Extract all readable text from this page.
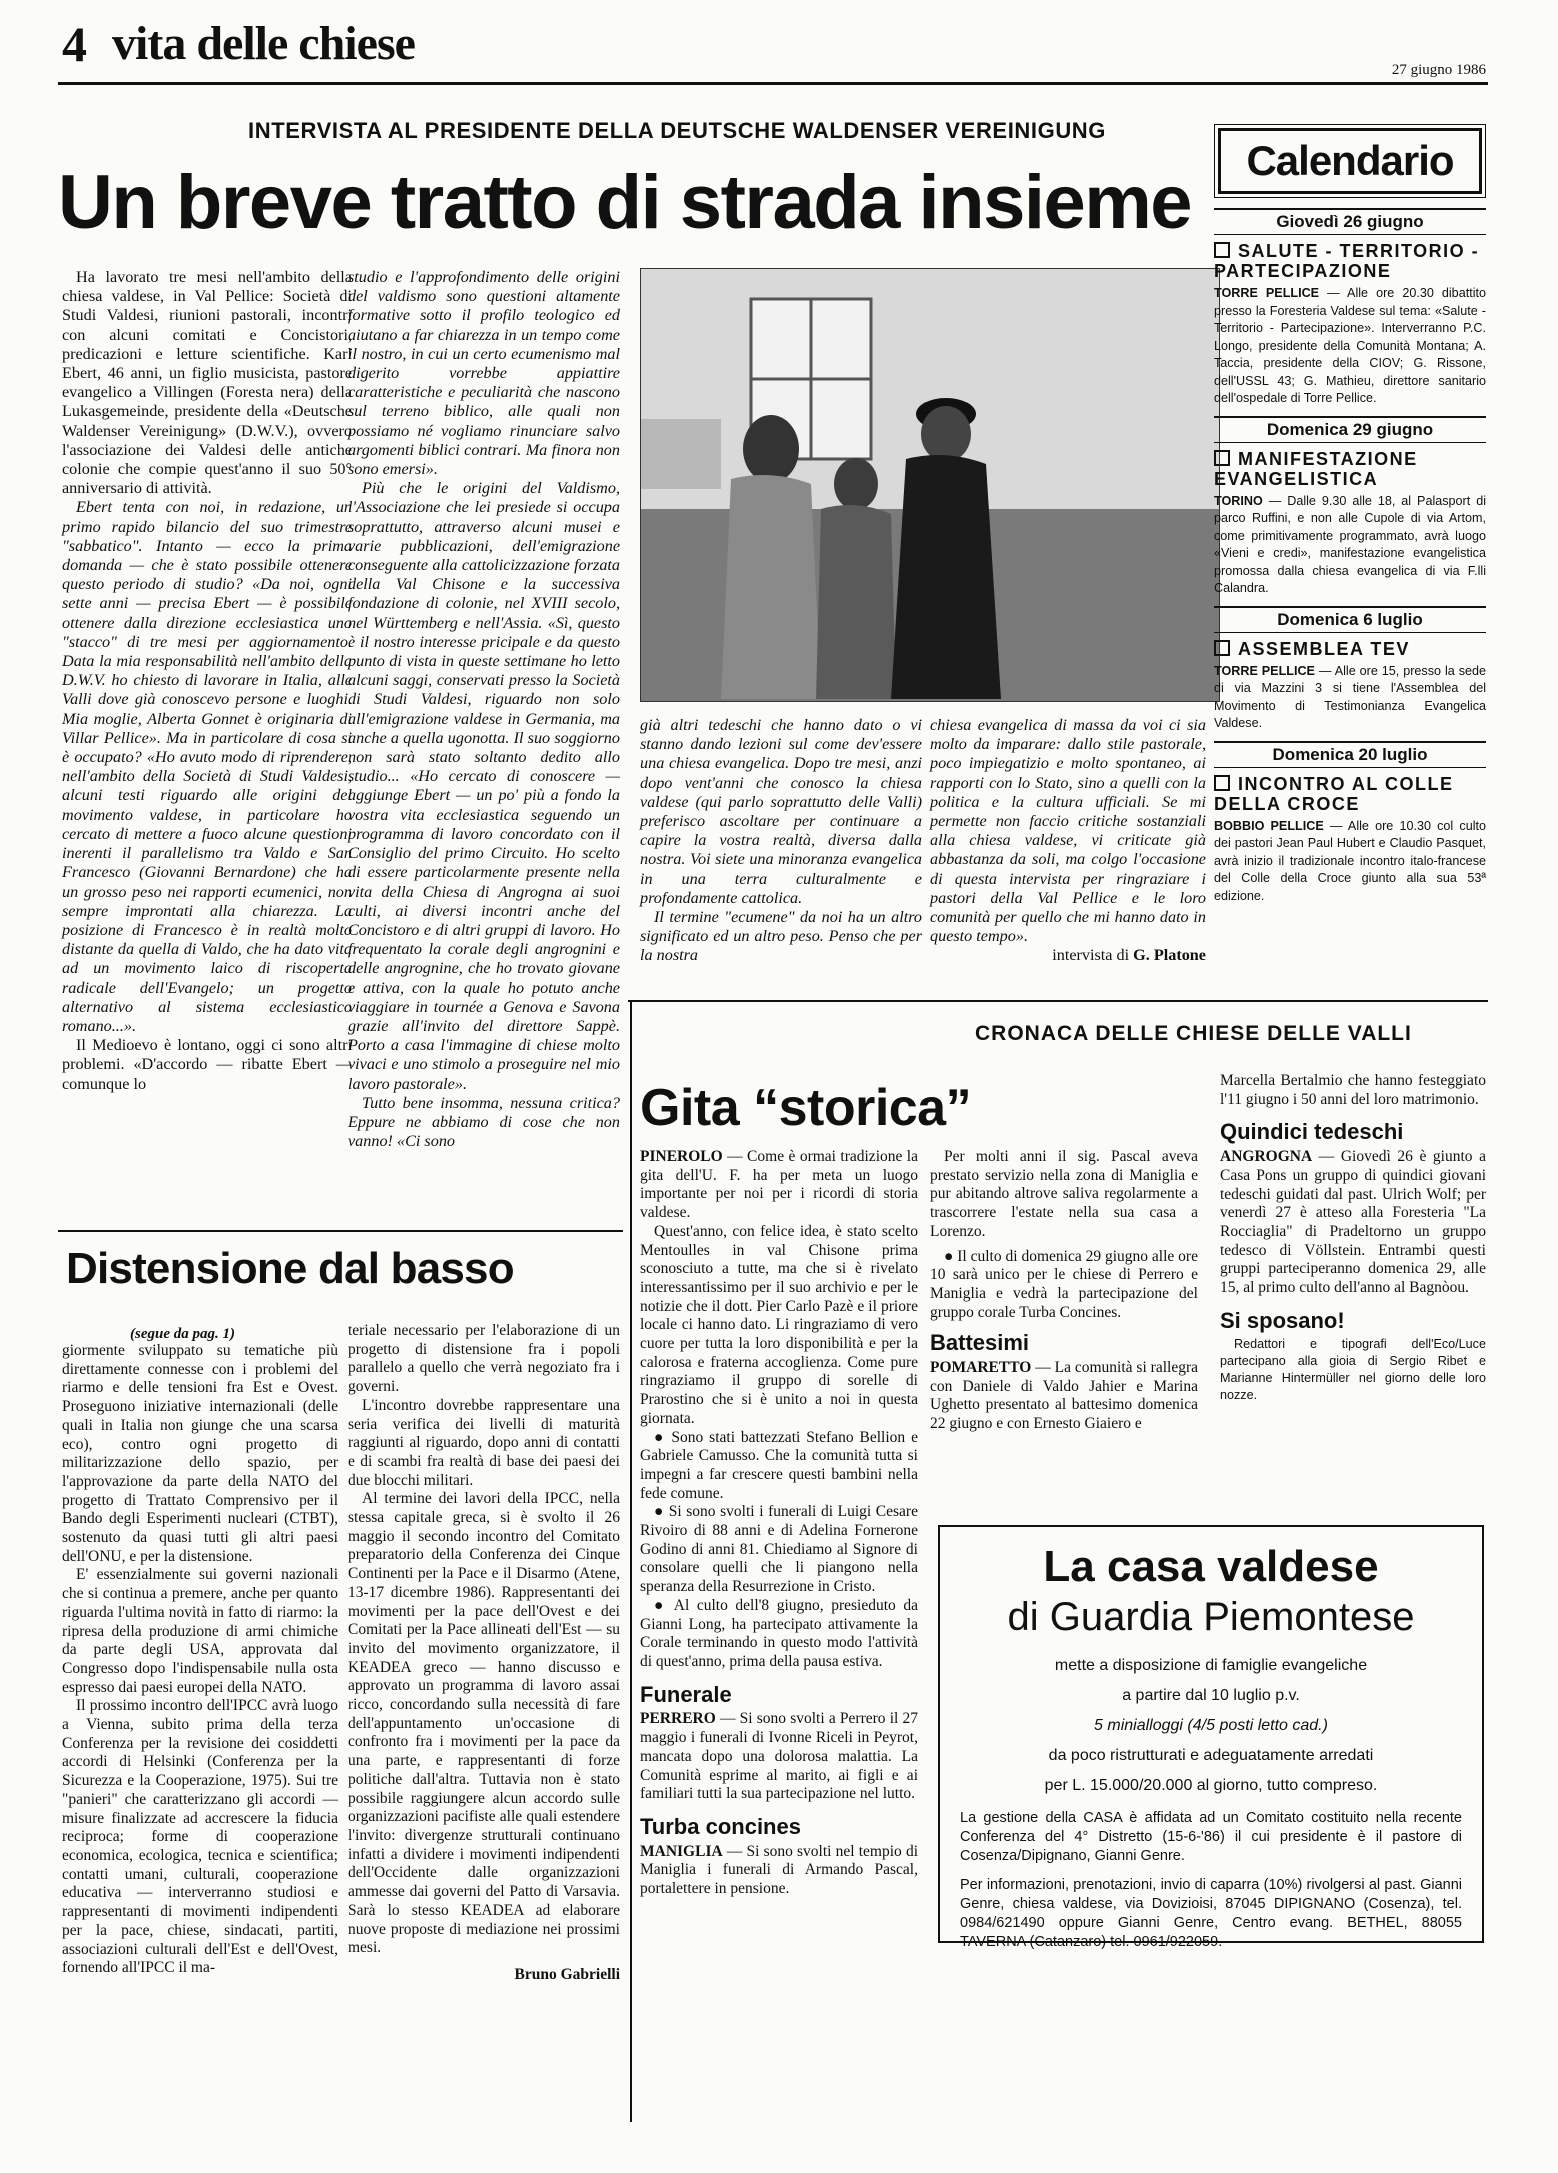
4 vita delle chiese	27 giugno 1986
INTERVISTA AL PRESIDENTE DELLA DEUTSCHE WALDENSER VEREINIGUNG
Un breve tratto di strada insieme

Ha lavorato tre mesi nell'ambito della chiesa valdese, in Val Pellice: Società di Studi Valdesi, riunioni pastorali, incontri con alcuni comitati e Concistori, predicazioni e letture scientifiche. Karl Ebert, 46 anni, un figlio musicista, pastore evangelico a Villingen (Foresta nera) della Lukasgemeinde, presidente della «Deutsche Waldenser Vereinigung» (D.W.V.), ovvero l'associazione dei Valdesi delle antiche colonie che compie quest'anno il suo 50° anniversario di attività.

Ebert tenta con noi, in redazione, un primo rapido bilancio del suo trimestre "sabbatico". Intanto — ecco la prima domanda — che è stato possibile ottenere questo periodo di studio? «Da noi, ogni sette anni — precisa Ebert — è possibile ottenere dalla direzione ecclesiastica uno "stacco" di tre mesi per aggiornamento. Data la mia responsabilità nell'ambito della D.W.V. ho chiesto di lavorare in Italia, alle Valli dove già conoscevo persone e luoghi. Mia moglie, Alberta Gonnet è originaria di Villar Pellice». Ma in particolare di cosa si è occupato? «Ho avuto modo di riprendere, nell'ambito della Società di Studi Valdesi, alcuni testi riguardo alle origini del movimento valdese, in particolare ho cercato di mettere a fuoco alcune questioni inerenti il parallelismo tra Valdo e San Francesco (Giovanni Bernardone) che ha un grosso peso nei rapporti ecumenici, non sempre improntati alla chiarezza. La posizione di Francesco è in realtà molto distante da quella di Valdo, che ha dato vita ad un movimento laico di riscoperta radicale dell'Evangelo; un progetto alternativo al sistema ecclesiastico romano...».

Il Medioevo è lontano, oggi ci sono altri problemi. «D'accordo — ribatte Ebert — comunque lo

studio e l'approfondimento delle origini del valdismo sono questioni altamente formative sotto il profilo teologico ed aiutano a far chiarezza in un tempo come il nostro, in cui un certo ecumenismo mal digerito vorrebbe appiattire caratteristiche e peculiarità che nascono sul terreno biblico, alle quali non possiamo né vogliamo rinunciare salvo argomenti biblici contrari. Ma finora non sono emersi».

Più che le origini del Valdismo, l'Associazione che lei presiede si occupa soprattutto, attraverso alcuni musei e varie pubblicazioni, dell'emigrazione conseguente alla cattolicizzazione forzata della Val Chisone e la successiva fondazione di colonie, nel XVIII secolo, nel Württemberg e nell'Assia. «Sì, questo è il nostro interesse pricipale e da questo punto di vista in queste settimane ho letto alcuni saggi, conservati presso la Società di Studi Valdesi, riguardo non solo all'emigrazione valdese in Germania, ma anche a quella ugonotta. Il suo soggiorno non sarà stato soltanto dedito allo studio... «Ho cercato di conoscere — aggiunge Ebert — un po' più a fondo la vostra vita ecclesiastica seguendo un programma di lavoro concordato con il Consiglio del primo Circuito. Ho scelto di essere particolarmente presente nella vita della Chiesa di Angrogna ai suoi culti, ai diversi incontri anche del Concistoro e di altri gruppi di lavoro. Ho frequentato la corale degli angrognini e delle angrognine, che ho trovato giovane e attiva, con la quale ho potuto anche viaggiare in tournée a Genova e Savona grazie all'invito del direttore Sappè. Porto a casa l'immagine di chiese molto vivaci e uno stimolo a proseguire nel mio lavoro pastorale».

Tutto bene insomma, nessuna critica? Eppure ne abbiamo di cose che non vanno! «Ci sono

già altri tedeschi che hanno dato o vi stanno dando lezioni sul come dev'essere una chiesa evangelica. Dopo tre mesi, anzi dopo vent'anni che conosco la chiesa valdese (qui parlo soprattutto delle Valli) preferisco ascoltare per continuare a capire la vostra realtà, diversa dalla nostra. Voi siete una minoranza evangelica in una terra culturalmente e profondamente cattolica.

Il termine "ecumene" da noi ha un altro significato ed un altro peso. Penso che per la nostra

chiesa evangelica di massa da voi ci sia molto da imparare: dallo stile pastorale, poco impiegatizio e molto spontaneo, ai rapporti con lo Stato, sino a quelli con la politica e la cultura ufficiali. Se mi permette non faccio critiche sostanziali alla chiesa valdese, vi criticate già abbastanza da soli, ma colgo l'occasione di questa intervista per ringraziare i pastori della Val Pellice e le loro comunità per quello che mi hanno dato in questo tempo».

intervista di G. Platone
Calendario
Giovedì 26 giugno
SALUTE - TERRITORIO - PARTECIPAZIONE
TORRE PELLICE — Alle ore 20.30 dibattito presso la Foresteria Valdese sul tema: «Salute - Territorio - Partecipazione». Interverranno P.C. Longo, presidente della Comunità Montana; A. Taccia, presidente della CIOV; G. Rissone, dell'USSL 43; G. Mathieu, direttore sanitario dell'ospedale di Torre Pellice.
Domenica 29 giugno
MANIFESTAZIONE EVANGELISTICA
TORINO — Dalle 9.30 alle 18, al Palasport di parco Ruffini, e non alle Cupole di via Artom, come primitivamente programmato, avrà luogo «Vieni e credi», manifestazione evangelistica promossa dalla chiesa evangelica di via F.lli Calandra.
Domenica 6 luglio
ASSEMBLEA TEV
TORRE PELLICE — Alle ore 15, presso la sede di via Mazzini 3 si tiene l'Assemblea del Movimento di Testimonianza Evangelica Valdese.
Domenica 20 luglio
INCONTRO AL COLLE DELLA CROCE
BOBBIO PELLICE — Alle ore 10.30 col culto dei pastori Jean Paul Hubert e Claudio Pasquet, avrà inizio il tradizionale incontro italo-francese del Colle della Croce giunto alla sua 53ª edizione.
Distensione dal basso
(segue da pag. 1)

giormente sviluppato su tematiche più direttamente connesse con i problemi del riarmo e delle tensioni fra Est e Ovest. Proseguono iniziative internazionali (delle quali in Italia non giunge che una scarsa eco), contro ogni progetto di militarizzazione dello spazio, per l'approvazione da parte della NATO del progetto di Trattato Comprensivo per il Bando degli Esperimenti nucleari (CTBT), sostenuto da quasi tutti gli altri paesi dell'ONU, e per la distensione.

E' essenzialmente sui governi nazionali che si continua a premere, anche per quanto riguarda l'ultima novità in fatto di riarmo: la ripresa della produzione di armi chimiche da parte degli USA, approvata dal Congresso dopo l'indispensabile nulla osta espresso dai paesi europei della NATO.

Il prossimo incontro dell'IPCC avrà luogo a Vienna, subito prima della terza Conferenza per la revisione dei cosiddetti accordi di Helsinki (Conferenza per la Sicurezza e la Cooperazione, 1975). Sui tre "panieri" che caratterizzano gli accordi — misure finalizzate ad accrescere la fiducia reciproca; forme di cooperazione economica, ecologica, tecnica e scientifica; contatti umani, culturali, cooperazione educativa — interverranno studiosi e rappresentanti di movimenti indipendenti per la pace, chiese, sindacati, partiti, associazioni culturali dell'Est e dell'Ovest, fornendo all'IPCC il ma-

teriale necessario per l'elaborazione di un progetto di distensione fra i popoli parallelo a quello che verrà negoziato fra i governi.

L'incontro dovrebbe rappresentare una seria verifica dei livelli di maturità raggiunti al riguardo, dopo anni di contatti e di scambi fra realtà di base dei paesi dei due blocchi militari.

Al termine dei lavori della IPCC, nella stessa capitale greca, si è svolto il 26 maggio il secondo incontro del Comitato preparatorio della Conferenza dei Cinque Continenti per la Pace e il Disarmo (Atene, 13-17 dicembre 1986). Rappresentanti dei movimenti per la pace dell'Ovest e dei Comitati per la Pace allineati dell'Est — su invito del movimento organizzatore, il KEADEA greco — hanno discusso e approvato un programma di lavoro assai ricco, concordando sulla necessità di fare dell'appuntamento un'occasione di confronto fra i movimenti per la pace da una parte, e rappresentanti di forze politiche dall'altra. Tuttavia non è stato possibile raggiungere alcun accordo sulle organizzazioni pacifiste alle quali estendere l'invito: divergenze strutturali continuano infatti a dividere i movimenti indipendenti dell'Occidente dalle organizzazioni ammesse dai governi del Patto di Varsavia. Sarà lo stesso KEADEA ad elaborare nuove proposte di mediazione nei prossimi mesi.

Bruno Gabrielli
CRONACA DELLE CHIESE DELLE VALLI
Gita “storica”

PINEROLO — Come è ormai tradizione la gita dell'U. F. ha per meta un luogo importante per noi per i ricordi di storia valdese.

Quest'anno, con felice idea, è stato scelto Mentoulles in val Chisone prima sconosciuto a tutte, ma che si è rivelato interessantissimo per il suo archivio e per le notizie che il dott. Pier Carlo Pazè e il priore locale ci hanno dato. Li ringraziamo di vero cuore per tutta la loro disponibilità e per la calorosa e fraterna accoglienza. Come pure ringraziamo il gruppo di sorelle di Prarostino che si è unito a noi in questa giornata.

● Sono stati battezzati Stefano Bellion e Gabriele Camusso. Che la comunità tutta si impegni a far crescere questi bambini nella fede comune.

● Si sono svolti i funerali di Luigi Cesare Rivoiro di 88 anni e di Adelina Fornerone Godino di anni 81. Chiediamo al Signore di consolare quelli che li piangono nella speranza della Resurrezione in Cristo.

● Al culto dell'8 giugno, presieduto da Gianni Long, ha partecipato attivamente la Corale terminando in questo modo l'attività di quest'anno, prima della pausa estiva.

Funerale

PERRERO — Si sono svolti a Perrero il 27 maggio i funerali di Ivonne Riceli in Peyrot, mancata dopo una dolorosa malattia. La Comunità esprime al marito, ai figli e ai familiari tutti la sua partecipazione nel lutto.

Turba concines

MANIGLIA — Si sono svolti nel tempio di Maniglia i funerali di Armando Pascal, portalettere in pensione.

Per molti anni il sig. Pascal aveva prestato servizio nella zona di Maniglia e pur abitando altrove saliva regolarmente a trascorrere l'estate nella sua casa a Lorenzo.

● Il culto di domenica 29 giugno alle ore 10 sarà unico per le chiese di Perrero e Maniglia e vedrà la partecipazione del gruppo corale Turba Concines.

Battesimi

POMARETTO — La comunità si rallegra con Daniele di Valdo Jahier e Marina Ughetto presentato al battesimo domenica 22 giugno e con Ernesto Giaiero e

Marcella Bertalmio che hanno festeggiato l'11 giugno i 50 anni del loro matrimonio.

Quindici tedeschi

ANGROGNA — Giovedì 26 è giunto a Casa Pons un gruppo di quindici giovani tedeschi guidati dal past. Ulrich Wolf; per venerdì 27 è atteso alla Foresteria "La Rocciaglia" di Pradeltorno un gruppo tedesco di Völlstein. Entrambi questi gruppi parteciperanno domenica 29, alle 15, al primo culto dell'anno al Bagnòou.

Si sposano!

Redattori e tipografi dell'Eco/Luce partecipano alla gioia di Sergio Ribet e Marianne Hintermüller nel giorno delle loro nozze.

La casa valdese
di Guardia Piemontese
mette a disposizione di famiglie evangeliche
a partire dal 10 luglio p.v.
5 minialloggi (4/5 posti letto cad.)
da poco ristrutturati e adeguatamente arredati
per L. 15.000/20.000 al giorno, tutto compreso.
La gestione della CASA è affidata ad un Comitato costituito nella recente Conferenza del 4° Distretto (15-6-'86) il cui presidente è il pastore di Cosenza/Dipignano, Gianni Genre.
Per informazioni, prenotazioni, invio di caparra (10%) rivolgersi al past. Gianni Genre, chiesa valdese, via Dovizioisi, 87045 DIPIGNANO (Cosenza), tel. 0984/621490 oppure Gianni Genre, Centro evang. BETHEL, 88055 TAVERNA (Catanzaro) tel. 0961/922059.
